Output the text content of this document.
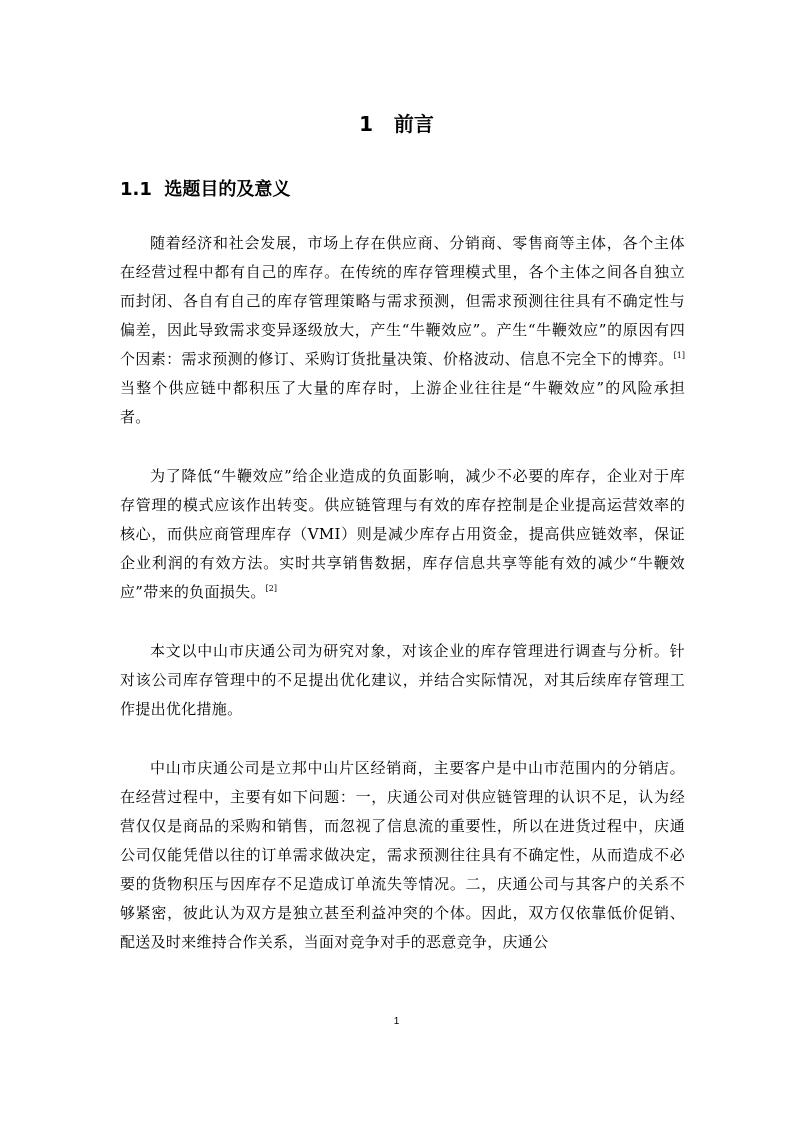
1   前言
1.1  选题目的及意义

随着经济和社会发展，市场上存在供应商、分销商、零售商等主体，各个主体在经营过程中都有自己的库存。在传统的库存管理模式里，各个主体之间各自独立而封闭、各自有自己的库存管理策略与需求预测，但需求预测往往具有不确定性与偏差，因此导致需求变异逐级放大，产生“牛鞭效应”。产生“牛鞭效应”的原因有四个因素：需求预测的修订、采购订货批量决策、价格波动、信息不完全下的博弈。[1]当整个供应链中都积压了大量的库存时，上游企业往往是“牛鞭效应”的风险承担者。

为了降低“牛鞭效应”给企业造成的负面影响，减少不必要的库存，企业对于库存管理的模式应该作出转变。供应链管理与有效的库存控制是企业提高运营效率的核心，而供应商管理库存（VMI）则是减少库存占用资金，提高供应链效率，保证企业利润的有效方法。实时共享销售数据，库存信息共享等能有效的减少“牛鞭效应”带来的负面损失。[2]

本文以中山市庆通公司为研究对象，对该企业的库存管理进行调查与分析。针对该公司库存管理中的不足提出优化建议，并结合实际情况，对其后续库存管理工作提出优化措施。

中山市庆通公司是立邦中山片区经销商，主要客户是中山市范围内的分销店。在经营过程中，主要有如下问题：一，庆通公司对供应链管理的认识不足，认为经营仅仅是商品的采购和销售，而忽视了信息流的重要性，所以在进货过程中，庆通公司仅能凭借以往的订单需求做决定，需求预测往往具有不确定性，从而造成不必要的货物积压与因库存不足造成订单流失等情况。二，庆通公司与其客户的关系不够紧密，彼此认为双方是独立甚至利益冲突的个体。因此，双方仅依靠低价促销、配送及时来维持合作关系，当面对竞争对手的恶意竞争，庆通公

1
